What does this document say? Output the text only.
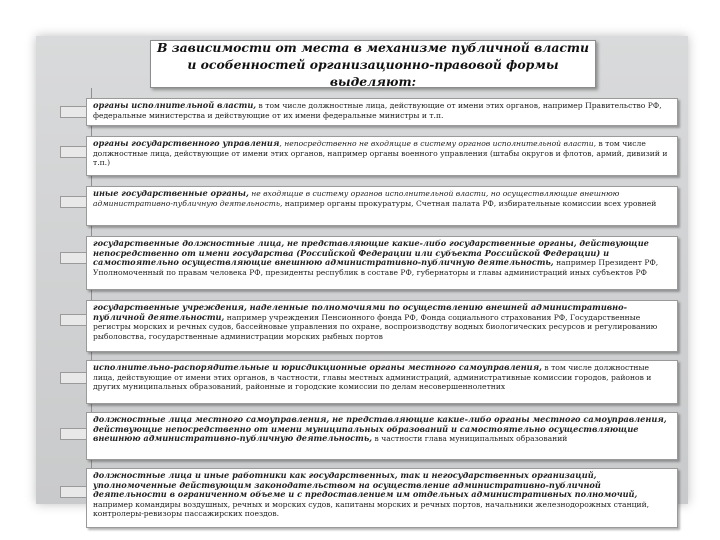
В зависимости от места в механизме публичной власти и особенностей организационно-правовой формы выделяют:
органы исполнительной власти, в том числе должностные лица, действующие от имени этих органов, например Правительство РФ, федеральные министерства и действующие от их имени федеральные министры и т.п.
органы государственного управления, непосредственно не входящие в систему органов исполнительной власти, в том числе должностные лица, действующие от имени этих органов, например органы военного управления (штабы округов и флотов, армий, дивизий и т.п.)
иные государственные органы, не входящие в систему органов исполнительной власти, но осуществляющие внешнюю административно-публичную деятельность, например органы прокуратуры, Счетная палата РФ, избирательные комиссии всех уровней
государственные должностные лица, не представляющие какие-либо государственные органы, действующие непосредственно от имени государства (Российской Федерации или субъекта Российской Федерации) и самостоятельно осуществляющие внешнюю административно-публичную деятельность, например Президент РФ, Уполномоченный по правам человека РФ, президенты республик в составе РФ, губернаторы и главы администраций иных субъектов РФ
государственные учреждения, наделенные полномочиями по осуществлению внешней административно-публичной деятельности, например учреждения Пенсионного фонда РФ, Фонда социального страхования РФ, Государственные регистры морских и речных судов, бассейновые управления по охране, воспроизводству водных биологических ресурсов и регулированию рыболовства, государственные администрации морских рыбных портов
исполнительно-распорядительные и юрисдикционные органы местного самоуправления, в том числе должностные лица, действующие от имени этих органов, в частности, главы местных администраций, административные комиссии городов, районов и других муниципальных образований, районные и городские комиссии по делам несовершеннолетних
должностные лица местного самоуправления, не представляющие какие-либо органы местного самоуправления, действующие непосредственно от имени муниципальных образований и самостоятельно осуществляющие внешнюю административно-публичную деятельность, в частности глава муниципальных образований
должностные лица и иные работники как государственных, так и негосударственных организаций, уполномоченные действующим законодательством на осуществление административно-публичной деятельности в ограниченном объеме и с предоставлением им отдельных административных полномочий, например командиры воздушных, речных и морских судов, капитаны морских и речных портов, начальники железнодорожных станций, контролеры-ревизоры пассажирских поездов.
